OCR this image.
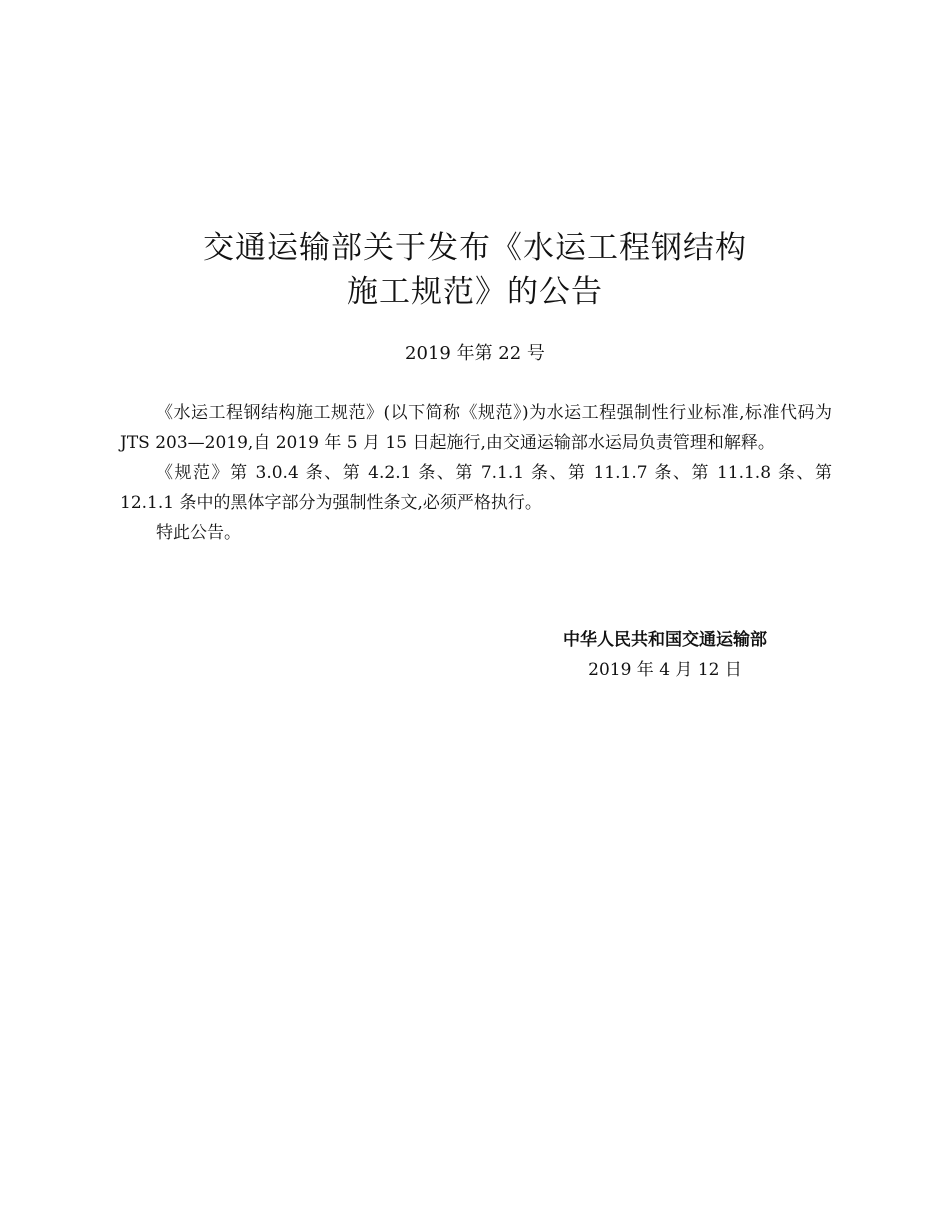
交通运输部关于发布《水运工程钢结构
施工规范》的公告
2019 年第 22 号

《水运工程钢结构施工规范》(以下简称《规范》)为水运工程强制性行业标准,标准代码为JTS 203—2019,自 2019 年 5 月 15 日起施行,由交通运输部水运局负责管理和解释。

《规范》第 3.0.4 条、第 4.2.1 条、第 7.1.1 条、第 11.1.7 条、第 11.1.8 条、第 12.1.1 条中的黑体字部分为强制性条文,必须严格执行。

特此公告。

中华人民共和国交通运输部
2019 年 4 月 12 日
